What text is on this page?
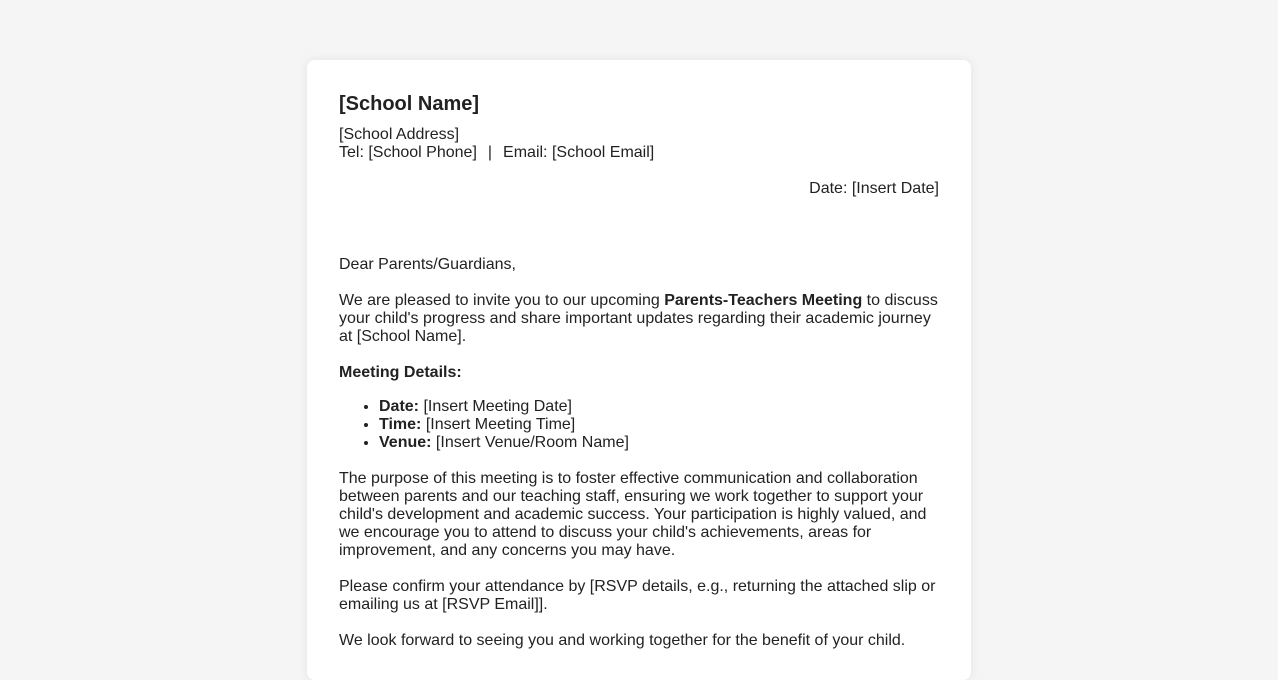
[School Name]
[School Address]
Tel: [School Phone] | Email: [School Email]
Date: [Insert Date]
Dear Parents/Guardians,
We are pleased to invite you to our upcoming Parents-Teachers Meeting to discuss your child's progress and share important updates regarding their academic journey at [School Name].
Meeting Details:
• Date: [Insert Meeting Date]
• Time: [Insert Meeting Time]
• Venue: [Insert Venue/Room Name]
The purpose of this meeting is to foster effective communication and collaboration between parents and our teaching staff, ensuring we work together to support your child's development and academic success. Your participation is highly valued, and we encourage you to attend to discuss your child's achievements, areas for improvement, and any concerns you may have.
Please confirm your attendance by [RSVP details, e.g., returning the attached slip or emailing us at [RSVP Email]].
We look forward to seeing you and working together for the benefit of your child.
